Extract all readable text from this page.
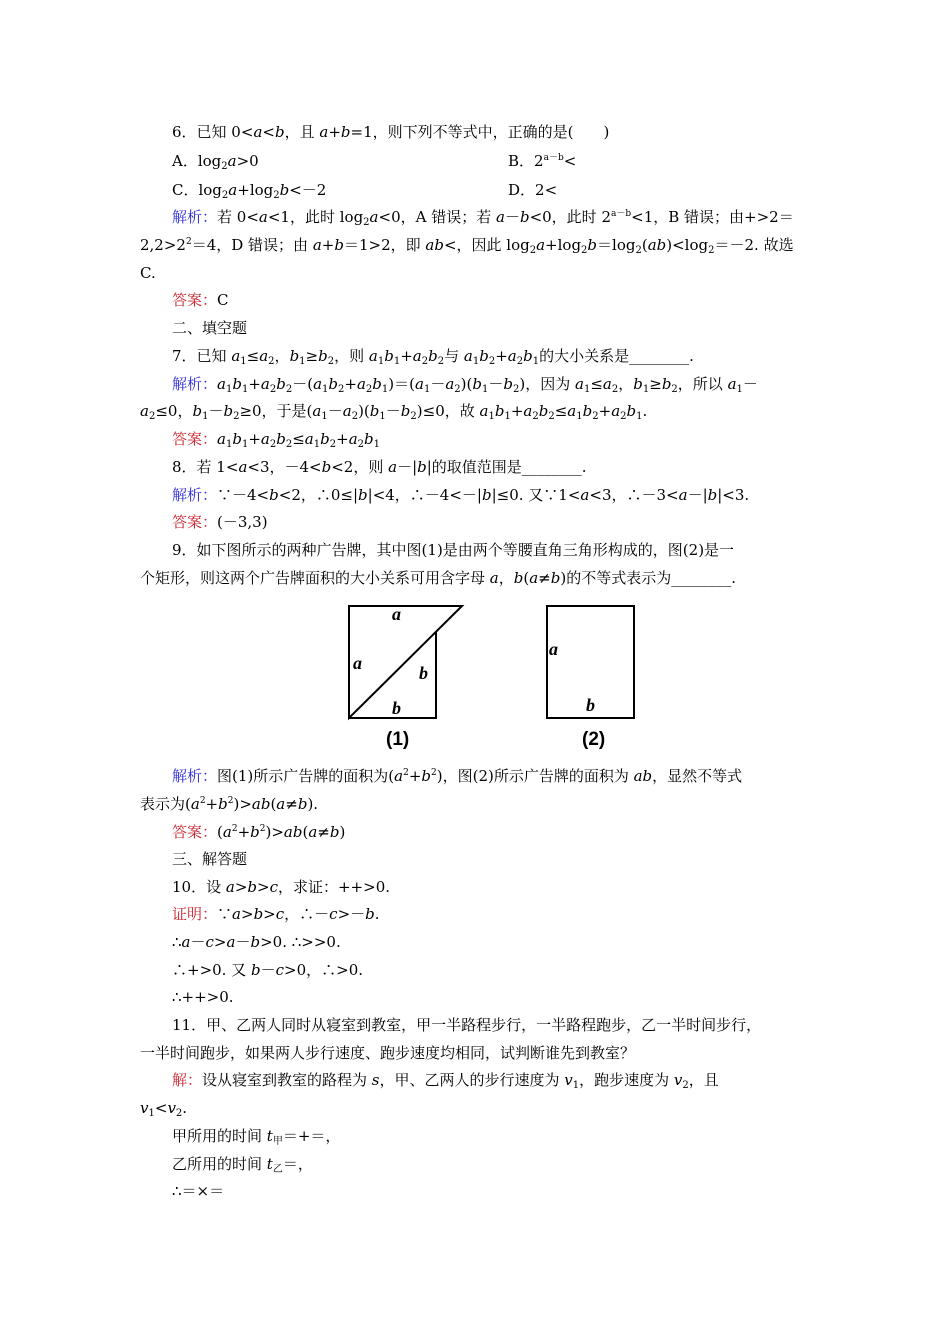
6．已知 0<a<b，且 a+b=1，则下列不等式中，正确的是(　　)
A．$\log_2a>0$	B．$2^{a-b}<$
C．$\log_2a+\log_2b<-2$	D．2<
解析：若 0<a<1，此时 $\log_2a<0$，A 错误；若 a－b<0，此时 $2^{a-b}<1$，B 错误；由+>2＝
$2,2>2^2=4$，D 错误；由 a+b＝1>2，即 ab<，因此 $\log_2a+\log_2b=\log_2(ab)<\log_2=-2$. 故选
C.
答案：C
二、填空题
7．已知 $a_1\le a_2$，$b_1\ge b_2$，则 $a_1b_1+a_2b_2$与 $a_1b_2+a_2b_1$的大小关系是________.
解析：$a_1b_1+a_2b_2-(a_1b_2+a_2b_1)=(a_1-a_2)(b_1-b_2)$，因为 $a_1\le a_2$，$b_1\ge b_2$，所以 $a_1-$
$a_2\le 0$，$b_1-b_2\ge 0$，于是$(a_1-a_2)(b_1-b_2)\le 0$，故 $a_1b_1+a_2b_2\le a_1b_2+a_2b_1$.
答案：$a_1b_1+a_2b_2\le a_1b_2+a_2b_1$
8．若 1<a<3，－4<b<2，则 a－|b|的取值范围是________.
解析：∵－4<b<2，∴0≤|b|<4，∴－4<－|b|≤0. 又∵1<a<3，∴－3<a－|b|<3.
答案：(－3,3)
9．如下图所示的两种广告牌，其中图(1)是由两个等腰直角三角形构成的，图(2)是一
个矩形，则这两个广告牌面积的大小关系可用含字母 a，b(a≠b)的不等式表示为________.
a
a	b
b
(1)
a
b
(2)
解析：图(1)所示广告牌的面积为$(a^2+b^2)$，图(2)所示广告牌的面积为 ab，显然不等式
表示为$(a^2+b^2)>ab(a\ne b)$.
答案：$(a^2+b^2)>ab(a\ne b)$
三、解答题
10．设 a>b>c，求证：++>0.
证明：∵a>b>c，∴－c>－b.
∴a－c>a－b>0. ∴>>0.
∴+>0. 又 b－c>0，∴>0.
∴++>0.
11．甲、乙两人同时从寝室到教室，甲一半路程步行，一半路程跑步，乙一半时间步行，
一半时间跑步，如果两人步行速度、跑步速度均相同，试判断谁先到教室？
解：设从寝室到教室的路程为 s，甲、乙两人的步行速度为 $v_1$，跑步速度为 $v_2$，且
$v_1<v_2$.
甲所用的时间 $t_甲=+=$，
乙所用的时间 $t_乙=$，
∴＝×＝
